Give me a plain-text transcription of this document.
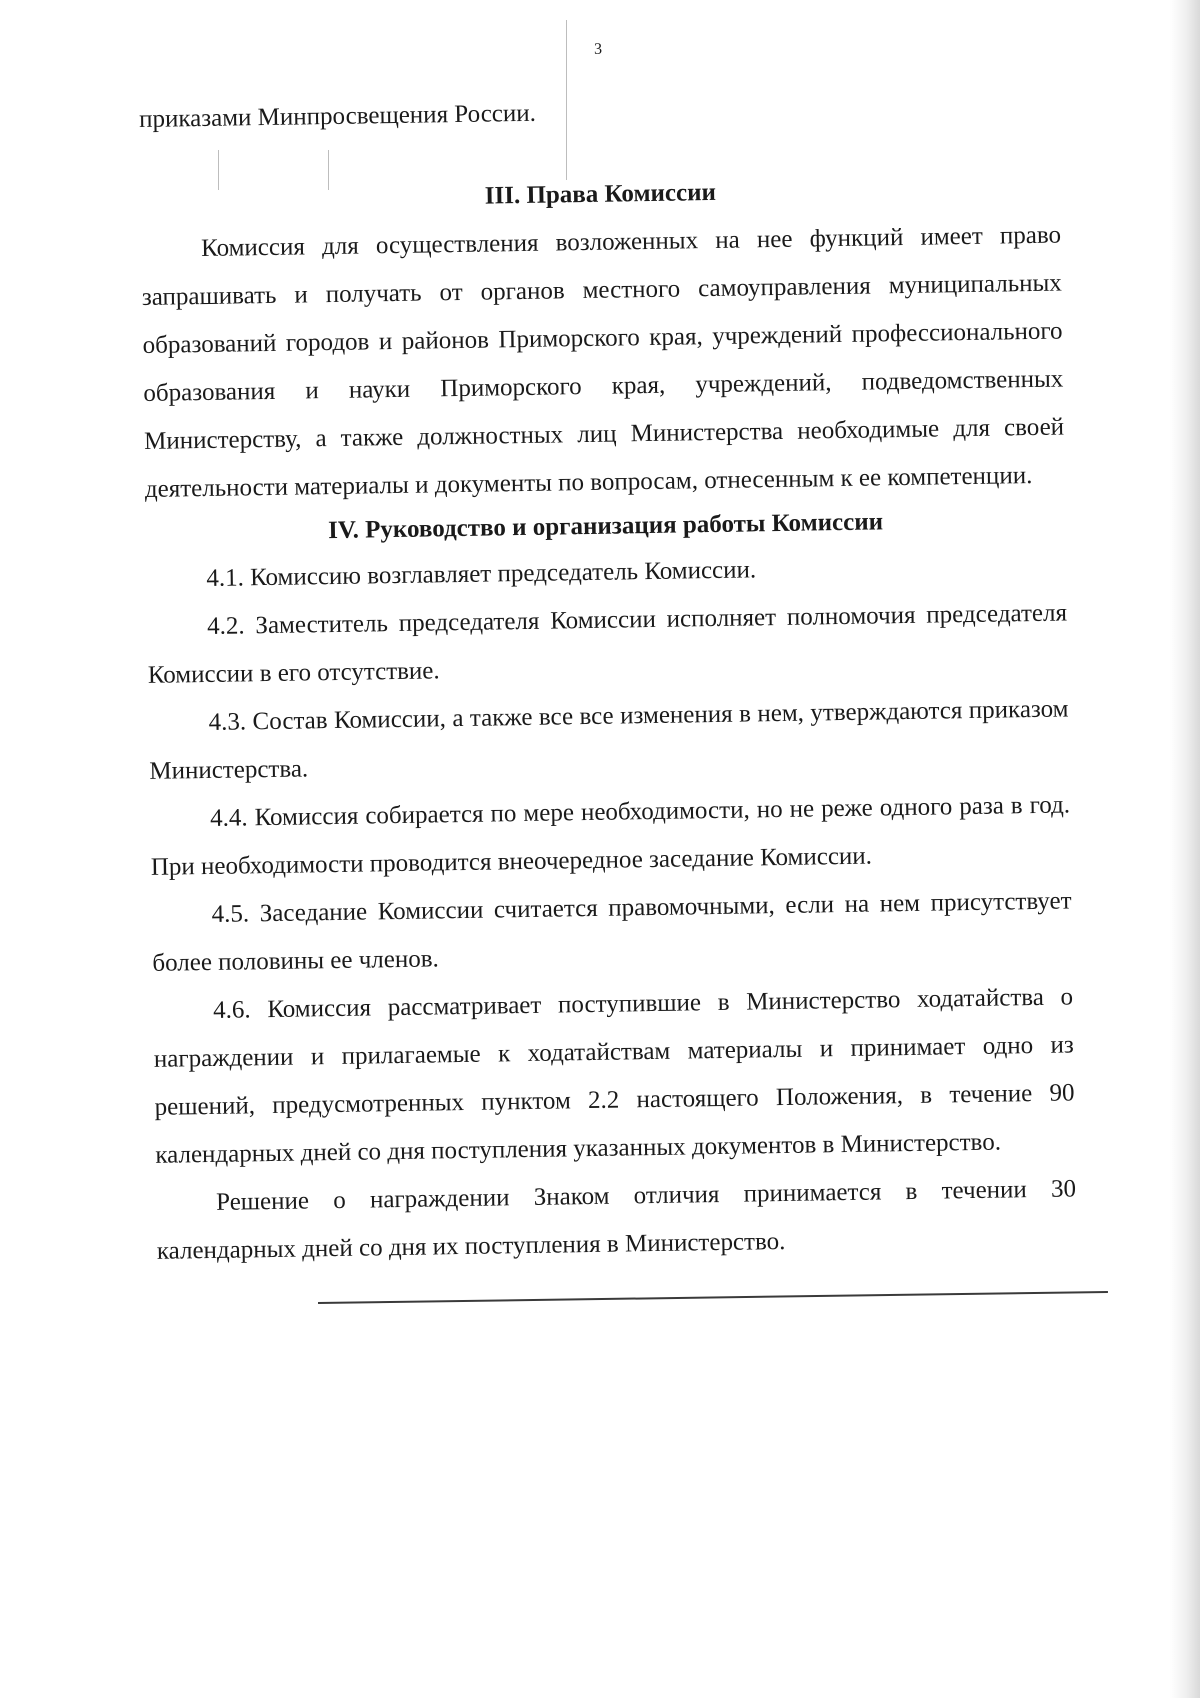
3

приказами Минпросвещения России.

III. Права Комиссии

Комиссия для осуществления возложенных на нее функций имеет право запрашивать и получать от органов местного самоуправления муниципальных образований городов и районов Приморского края, учреждений профессионального образования и науки Приморского края, учреждений, подведомственных Министерству, а также должностных лиц Министерства необходимые для своей деятельности материалы и документы по вопросам, отнесенным к ее компетенции.

IV. Руководство и организация работы Комиссии

4.1. Комиссию возглавляет председатель Комиссии.

4.2. Заместитель председателя Комиссии исполняет полномочия председателя Комиссии в его отсутствие.

4.3. Состав Комиссии, а также все все изменения в нем, утверждаются приказом Министерства.

4.4. Комиссия собирается по мере необходимости, но не реже одного раза в год. При необходимости проводится внеочередное заседание Комиссии.

4.5. Заседание Комиссии считается правомочными, если на нем присутствует более половины ее членов.

4.6. Комиссия рассматривает поступившие в Министерство ходатайства о награждении и прилагаемые к ходатайствам материалы и принимает одно из решений, предусмотренных пунктом 2.2 настоящего Положения, в течение 90 календарных дней со дня поступления указанных документов в Министерство.

Решение о награждении Знаком отличия принимается в течении 30 календарных дней со дня их поступления в Министерство.
